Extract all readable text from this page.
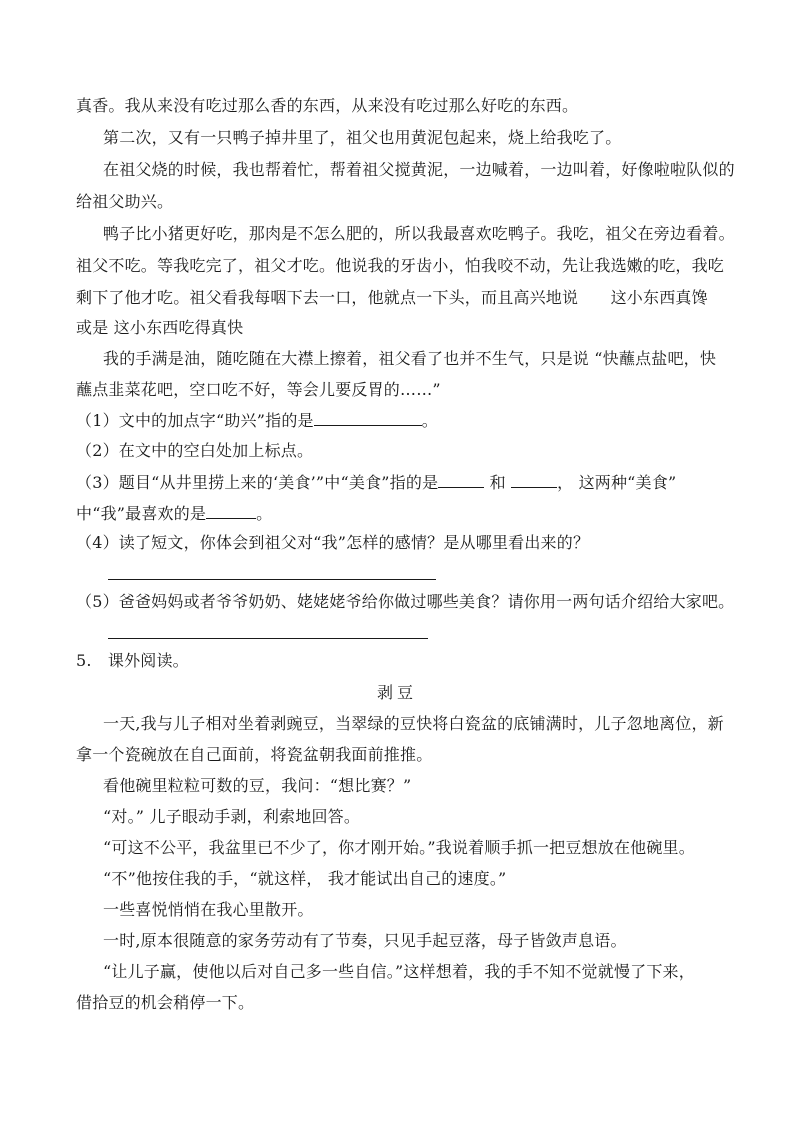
真香。我从来没有吃过那么香的东西，从来没有吃过那么好吃的东西。
第二次，又有一只鸭子掉井里了，祖父也用黄泥包起来，烧上给我吃了。
在祖父烧的时候，我也帮着忙，帮着祖父搅黄泥，一边喊着，一边叫着，好像啦啦队似的
给祖父助兴。
鸭子比小猪更好吃，那肉是不怎么肥的，所以我最喜欢吃鸭子。我吃，祖父在旁边看着。
祖父不吃。等我吃完了，祖父才吃。他说我的牙齿小，怕我咬不动，先让我选嫩的吃，我吃
剩下了他才吃。祖父看我每咽下去一口，他就点一下头，而且高兴地说　　这小东西真馋
或是 这小东西吃得真快
我的手满是油，随吃随在大襟上擦着，祖父看了也并不生气，只是说 “快蘸点盐吧，快
蘸点韭菜花吧，空口吃不好，等会儿要反胃的……”
（1）文中的加点字“助兴”指的是	。
（2）在文中的空白处加上标点。
（3）题目“从井里捞上来的‘美食’”中“美食”指的是	和	， 这两种“美食”
中“我”最喜欢的是	。
（4）读了短文，你体会到祖父对“我”怎样的感情？是从哪里看出来的？
（5）爸爸妈妈或者爷爷奶奶、姥姥姥爷给你做过哪些美食？请你用一两句话介绍给大家吧。
5.　课外阅读。
剥豆
一天,我与儿子相对坐着剥豌豆，当翠绿的豆快将白瓷盆的底铺满时，儿子忽地离位，新
拿一个瓷碗放在自己面前，将瓷盆朝我面前推推。
看他碗里粒粒可数的豆，我问：“想比赛？”
“对。” 儿子眼动手剥，利索地回答。
“可这不公平，我盆里已不少了，你才刚开始。”我说着顺手抓一把豆想放在他碗里。
“不”他按住我的手，“就这样， 我才能试出自己的速度。”
一些喜悦悄悄在我心里散开。
一时,原本很随意的家务劳动有了节奏，只见手起豆落，母子皆敛声息语。
“让儿子赢，使他以后对自己多一些自信。”这样想着，我的手不知不觉就慢了下来，
借拾豆的机会稍停一下。
